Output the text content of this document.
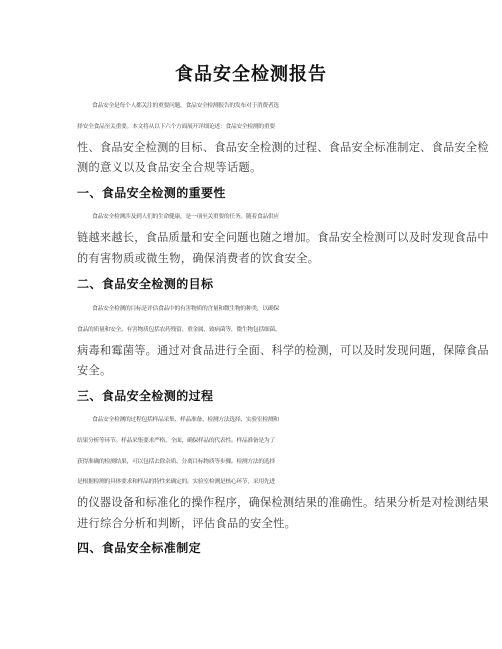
食品安全检测报告
食品安全是每个人都关注的重要问题，食品安全检测报告的发布对于消费者选
择安全食品至关重要。本文将从以下六个方面展开详细论述：食品安全检测的重要
性、食品安全检测的目标、食品安全检测的过程、食品安全标准制定、食品安全检
测的意义以及食品安全合规等话题。
一、食品安全检测的重要性
食品安全检测涉及到人们的生命健康，是一项至关重要的任务。随着食品供应
链越来越长，食品质量和安全问题也随之增加。食品安全检测可以及时发现食品中
的有害物质或微生物，确保消费者的饮食安全。
二、食品安全检测的目标
食品安全检测的目标是评估食品中的有害物质的含量和微生物的种类，以确保
食品的质量和安全。有害物质包括农药残留、重金属、致病菌等，微生物包括细菌、
病毒和霉菌等。通过对食品进行全面、科学的检测，可以及时发现问题，保障食品
安全。
三、食品安全检测的过程
食品安全检测的过程包括样品采集、样品准备、检测方法选择、实验室检测和
结果分析等环节。样品采集要求严格、全面，确保样品的代表性。样品准备是为了
获得准确的检测结果，可以包括去除杂质、分离目标物质等步骤。检测方法的选择
是根据检测的具体要求和样品的特性来确定的。实验室检测是核心环节，采用先进
的仪器设备和标准化的操作程序，确保检测结果的准确性。结果分析是对检测结果
进行综合分析和判断，评估食品的安全性。
四、食品安全标准制定
